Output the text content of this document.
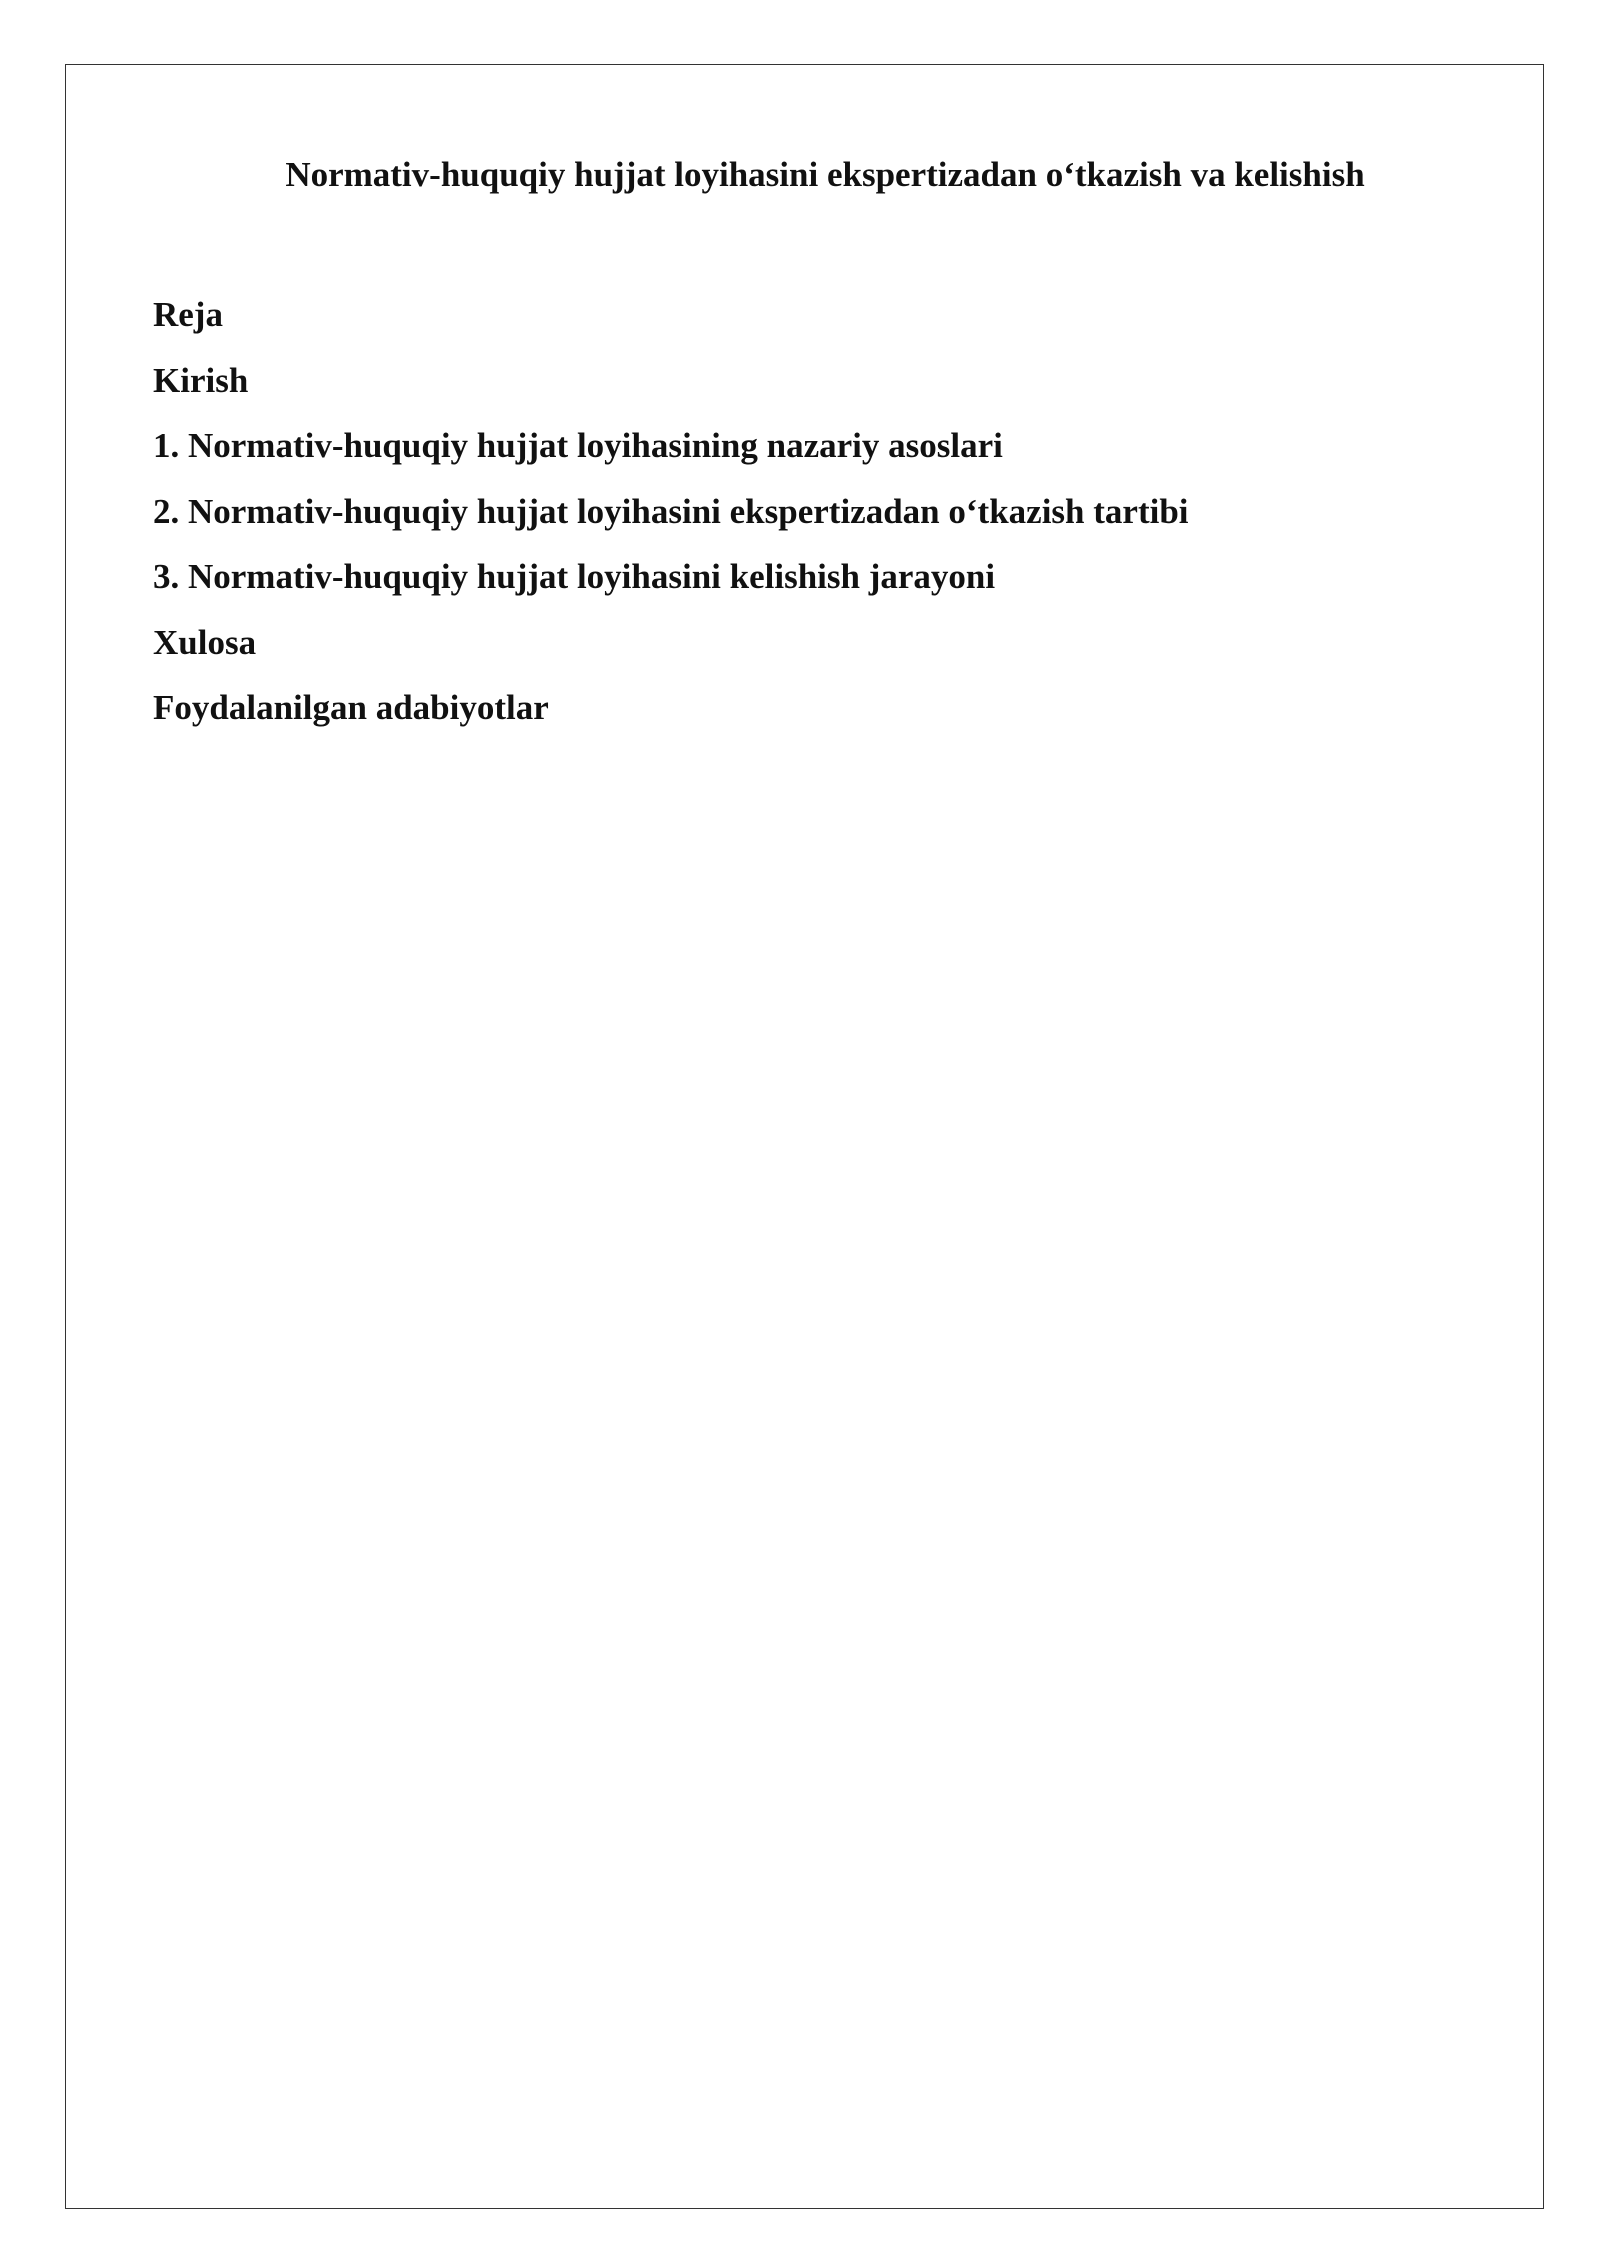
Normativ-huquqiy hujjat loyihasini ekspertizadan o‘tkazish va kelishish
Reja
Kirish
1. Normativ-huquqiy hujjat loyihasining nazariy asoslari
2. Normativ-huquqiy hujjat loyihasini ekspertizadan o‘tkazish tartibi
3. Normativ-huquqiy hujjat loyihasini kelishish jarayoni
Xulosa
Foydalanilgan adabiyotlar
